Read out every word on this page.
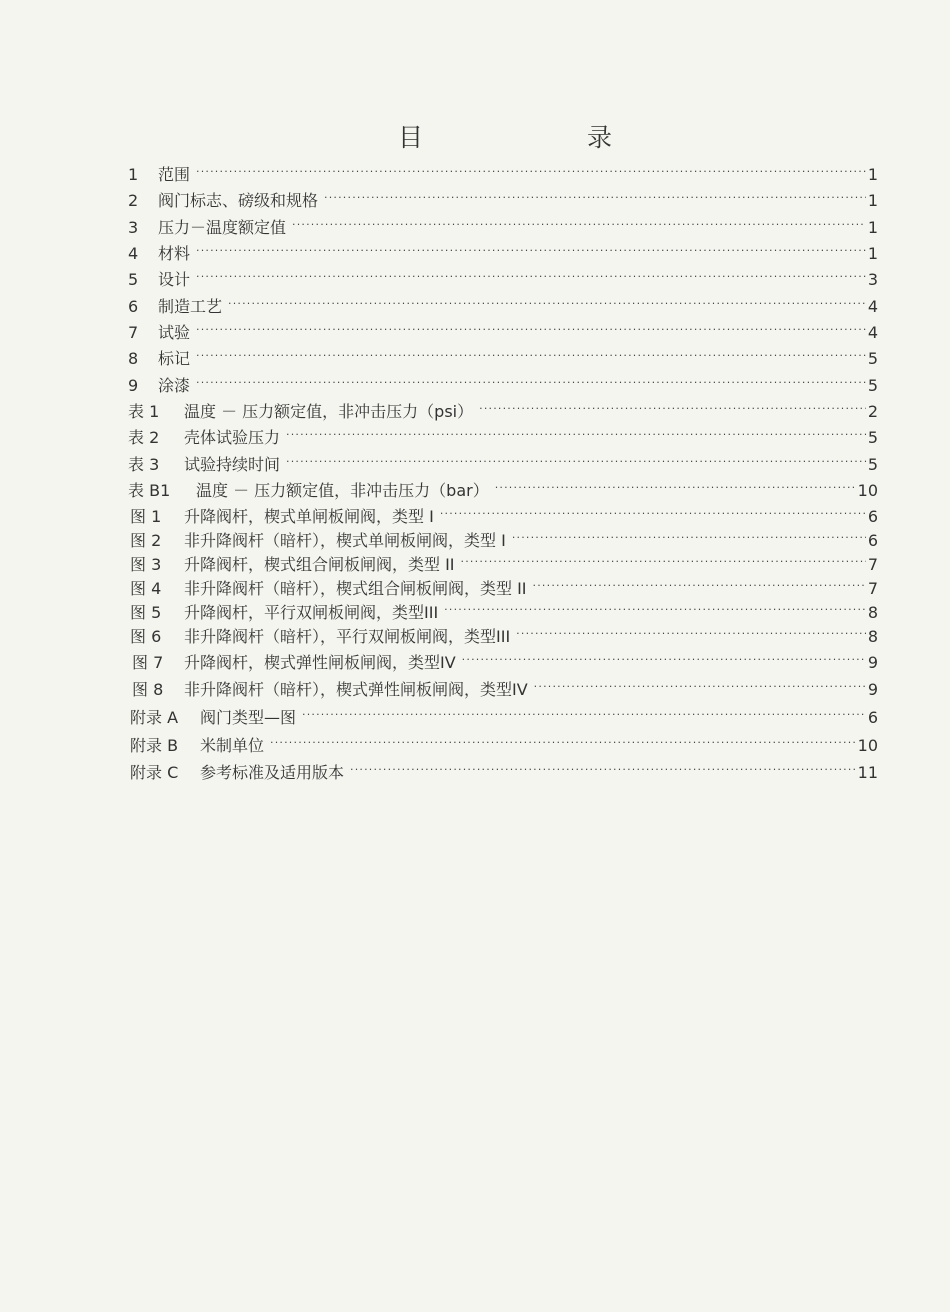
目	录
1	范围 .....	1
2	阀门标志、磅级和规格 .....	1
3	压力－温度额定值 .....	1
4	材料 .....	1
5	设计 .....	3
6	制造工艺 .....	4
7	试验 .....	4
8	标记 .....	5
9	涂漆 .....	5
表 1	温度 － 压力额定值，非冲击压力（psi） .....	2
表 2	壳体试验压力 .....	5
表 3	试验持续时间 .....	5
表 B1	温度 － 压力额定值，非冲击压力（bar） .....	10
图 1	升降阀杆，楔式单闸板闸阀，类型 I .....	6
图 2	非升降阀杆（暗杆），楔式单闸板闸阀，类型 I .....	6
图 3	升降阀杆，楔式组合闸板闸阀，类型 II .....	7
图 4	非升降阀杆（暗杆），楔式组合闸板闸阀，类型 II .....	7
图 5	升降阀杆，平行双闸板闸阀，类型III .....	8
图 6	非升降阀杆（暗杆），平行双闸板闸阀，类型III .....	8
图 7	升降阀杆，楔式弹性闸板闸阀，类型IV .....	9
图 8	非升降阀杆（暗杆），楔式弹性闸板闸阀，类型IV .....	9
附录 A	阀门类型—图 .....	6
附录 B	米制单位 .....	10
附录 C	参考标准及适用版本 .....	11
